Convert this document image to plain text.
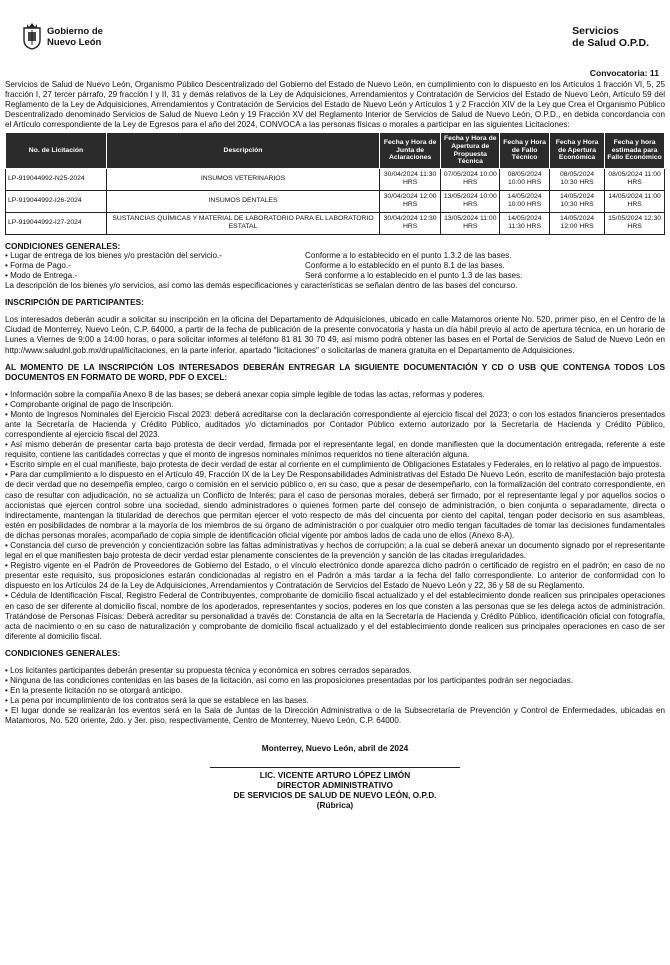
Gobierno de
Nuevo León
Servicios
de Salud O.P.D.
Convocatoria: 11

Servicios de Salud de Nuevo León, Organismo Público Descentralizado del Gobierno del Estado de Nuevo León, en cumplimiento con lo dispuesto en los Artículos 1 fracción VI, 5, 25 fracción I, 27 tercer párrafo, 29 fracción I y II, 31 y demás relativos de la Ley de Adquisiciones, Arrendamientos y Contratación de Servicios del Estado de Nuevo León, Artículo 59 del Reglamento de la Ley de Adquisiciones, Arrendamientos y Contratación de Servicios del Estado de Nuevo León y Artículos 1 y 2 Fracción XIV de la Ley que Crea el Organismo Público Descentralizado denominado Servicios de Salud de Nuevo León y 19 Fracción XV del Reglamento Interior de Servicios de Salud de Nuevo León, O.P.D., en debida concordancia con el Artículo correspondiente de la Ley de Egresos para el año del 2024, CONVOCA a las personas físicas o morales a participar en las siguientes Licitaciones:

No. de Licitación	Descripción	Fecha y Hora de Junta de Aclaraciones	Fecha y Hora de Apertura de Propuesta Técnica	Fecha y Hora de Fallo Técnico	Fecha y Hora de Apertura Económica	Fecha y hora estimada para Fallo Económico
LP-919044992-N25-2024	INSUMOS VETERINARIOS	30/04/2024 11:30 HRS	07/05/2024 10:00 HRS	08/05/2024 10:00 HRS	08/05/2024 10:30 HRS	08/05/2024 11:00 HRS
LP-919044992-I26-2024	INSUMOS DENTALES	30/04/2024 12:00 HRS	13/05/2024 10:00 HRS	14/05/2024 10:00 HRS	14/05/2024 10:30 HRS	14/05/2024 11:00 HRS
LP-919044992-I27-2024	SUSTANCIAS QUÍMICAS Y MATERIAL DE LABORATORIO PARA EL LABORATORIO ESTATAL	30/04/2024 12:30 HRS	13/05/2024 11:00 HRS	14/05/2024 11:30 HRS	14/05/2024 12:00 HRS	15/05/2024 12:30 HRS

CONDICIONES GENERALES:

• Lugar de entrega de los bienes y/o prestación del servicio.-	Conforme a lo establecido en el punto 1.3.2 de las bases.
• Forma de Pago.-	Conforme a lo establecido en el punto 8.1 de las bases.
• Modo de Entrega.-	Será conforme a lo establecido en el punto 1.3 de las bases.
La descripción de los bienes y/o servicios, así como las demás especificaciones y características se señalan dentro de las bases del concurso.

INSCRIPCIÓN DE PARTICIPANTES:

Los interesados deberán acudir a solicitar su inscripción en la oficina del Departamento de Adquisiciones, ubicado en calle Matamoros oriente No. 520, primer piso, en el Centro de la Ciudad de Monterrey, Nuevo León, C.P. 64000, a partir de la fecha de publicación de la presente convocatoria y hasta un día hábil previo al acto de apertura técnica, en un horario de Lunes a Viernes de 9:00 a 14:00 horas, o para solicitar informes al teléfono 81 81 30 70 49, así mismo podrá obtener las bases en el Portal de Servicios de Salud de Nuevo León en http://www.saludnl.gob.mx/drupal/licitaciones, en la parte inferior, apartado "licitaciones" o solicitarlas de manera gratuita en el Departamento de Adquisiciones.

AL MOMENTO DE LA INSCRIPCIÓN LOS INTERESADOS DEBERÁN ENTREGAR LA SIGUIENTE DOCUMENTACIÓN Y CD O USB QUE CONTENGA TODOS LOS DOCUMENTOS EN FORMATO DE WORD, PDF O EXCEL:

• Información sobre la compañía Anexo 8 de las bases; se deberá anexar copia simple legible de todas las actas, reformas y poderes.
• Comprobante original de pago de Inscripción.
• Monto de Ingresos Nominales del Ejercicio Fiscal 2023: deberá acreditarse con la declaración correspondiente al ejercicio fiscal del 2023; o con los estados financieros presentados ante la Secretaría de Hacienda y Crédito Público, auditados y/o dictaminados por Contador Público externo autorizado por la Secretaría de Hacienda y Crédito Público, correspondiente al ejercicio fiscal del 2023.
• Así mismo deberán de presentar carta bajo protesta de decir verdad, firmada por el representante legal, en donde manifiesten que la documentación entregada, referente a este requisito, contiene las cantidades correctas y que el monto de ingresos nominales mínimos requeridos no tiene alteración alguna.
• Escrito simple en el cual manifieste, bajo protesta de decir verdad de estar al corriente en el cumplimiento de Obligaciones Estatales y Federales, en lo relativo al pago de impuestos.
• Para dar cumplimiento a lo dispuesto en el Artículo 49, Fracción IX de la Ley De Responsabilidades Administrativas del Estado De Nuevo León, escrito de manifestación bajo protesta de decir verdad que no desempeña empleo, cargo o comisión en el servicio público o, en su caso, que a pesar de desempeñarlo, con la formalización del contrato correspondiente, en caso de resultar con adjudicación, no se actualiza un Conflicto de Interés; para el caso de personas morales, deberá ser firmado, por el representante legal y por aquellos socios o accionistas que ejercen control sobre una sociedad, siendo administradores o quienes formen parte del consejo de administración, o bien conjunta o separadamente, directa o indirectamente, mantengan la titularidad de derechos que permitan ejercer el voto respecto de más del cincuenta por ciento del capital, tengan poder decisorio en sus asambleas, estén en posibilidades de nombrar a la mayoría de los miembros de su órgano de administración o por cualquier otro medio tengan facultades de tomar las decisiones fundamentales de dichas personas morales, acompañado de copia simple de identificación oficial vigente por ambos lados de cada uno de ellos (Anexo 8-A).
• Constancia del curso de prevención y concientización sobre las faltas administrativas y hechos de corrupción; a la cual se deberá anexar un documento signado por el representante legal en el que manifiesten bajo protesta de decir verdad estar plenamente conscientes de la prevención y sanción de las citadas irregularidades.
• Registro vigente en el Padrón de Proveedores de Gobierno del Estado, o el vínculo electrónico donde aparezca dicho padrón o certificado de registro en el padrón; en caso de no presentar este requisito, sus proposiciones estarán condicionadas al registro en el Padrón a más tardar a la fecha del fallo correspondiente. Lo anterior de conformidad con lo dispuesto en los Artículos 24 de la Ley de Adquisiciones, Arrendamientos y Contratación de Servicios del Estado de Nuevo León y 22, 36 y 58 de su Reglamento.
• Cédula de Identificación Fiscal, Registro Federal de Contribuyentes, comprobante de domicilio fiscal actualizado y el del establecimiento donde realicen sus principales operaciones en caso de ser diferente al domicilio fiscal, nombre de los apoderados, representantes y socios, poderes en los que consten a las personas que se les delega actos de administración. Tratándose de Personas Físicas: Deberá acreditar su personalidad a través de: Constancia de alta en la Secretaría de Hacienda y Crédito Público, identificación oficial con fotografía, acta de nacimiento o en su caso de naturalización y comprobante de domicilio fiscal actualizado y el del establecimiento donde realicen sus principales operaciones en caso de ser diferente al domicilio fiscal.

CONDICIONES GENERALES:

• Los licitantes participantes deberán presentar su propuesta técnica y económica en sobres cerrados separados.
• Ninguna de las condiciones contenidas en las bases de la licitación, así como en las proposiciones presentadas por los participantes podrán ser negociadas.
• En la presente licitación no se otorgará anticipo.
• La pena por incumplimiento de los contratos será la que se establece en las bases.
• El lugar donde se realizarán los eventos será en la Sala de Juntas de la Dirección Administrativa o de la Subsecretaría de Prevención y Control de Enfermedades, ubicadas en Matamoros, No. 520 oriente, 2do. y 3er. piso, respectivamente, Centro de Monterrey, Nuevo León, C.P. 64000.
Monterrey, Nuevo León, abril de 2024
LIC. VICENTE ARTURO LÓPEZ LIMÓN
DIRECTOR ADMINISTRATIVO
DE SERVICIOS DE SALUD DE NUEVO LEÓN, O.P.D.
(Rúbrica)
